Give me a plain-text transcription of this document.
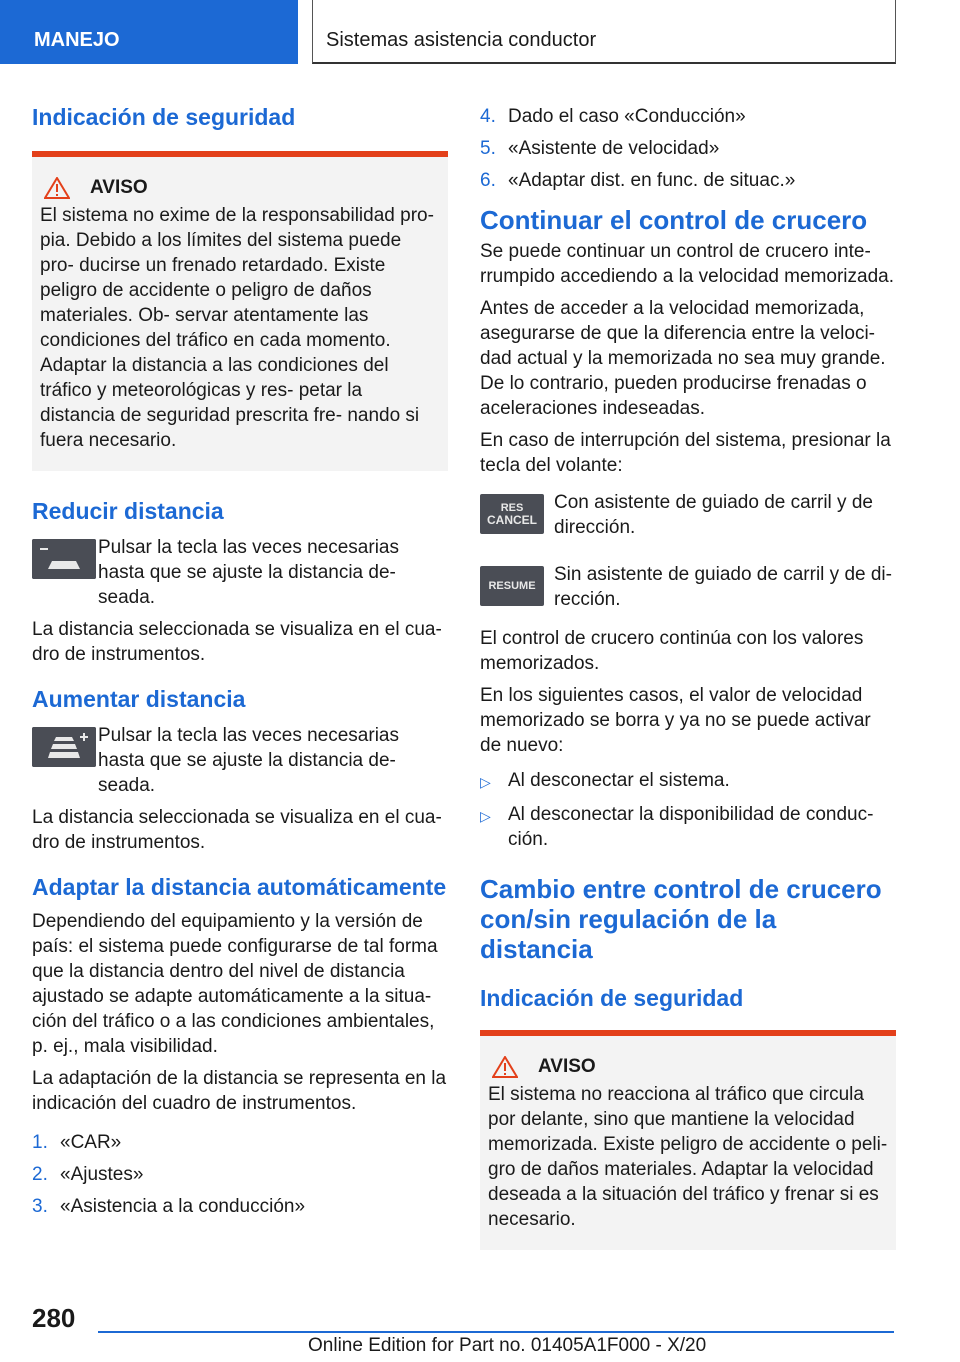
MANEJO	Sistemas asistencia conductor
Indicación de seguridad
AVISO

El sistema no exime de la responsabilidad pro- pia. Debido a los límites del sistema puede pro- ducirse un frenado retardado. Existe peligro de accidente o peligro de daños materiales. Ob- servar atentamente las condiciones del tráfico en cada momento. Adaptar la distancia a las condiciones del tráfico y meteorológicas y res- petar la distancia de seguridad prescrita fre- nando si fuera necesario.

Reducir distancia

Pulsar la tecla las veces necesarias hasta que se ajuste la distancia de- seada.

La distancia seleccionada se visualiza en el cua- dro de instrumentos.

Aumentar distancia

Pulsar la tecla las veces necesarias hasta que se ajuste la distancia de- seada.

La distancia seleccionada se visualiza en el cua- dro de instrumentos.

Adaptar la distancia automáticamente

Dependiendo del equipamiento y la versión de país: el sistema puede configurarse de tal forma que la distancia dentro del nivel de distancia ajustado se adapte automáticamente a la situa- ción del tráfico o a las condiciones ambientales, p. ej., mala visibilidad.

La adaptación de la distancia se representa en la indicación del cuadro de instrumentos.

1. «CAR»
2. «Ajustes»
3. «Asistencia a la conducción»
4. Dado el caso «Conducción»
5. «Asistente de velocidad»
6. «Adaptar dist. en func. de situac.»
Continuar el control de crucero

Se puede continuar un control de crucero inte- rrumpido accediendo a la velocidad memorizada.

Antes de acceder a la velocidad memorizada, asegurarse de que la diferencia entre la veloci- dad actual y la memorizada no sea muy grande. De lo contrario, pueden producirse frenadas o aceleraciones indeseadas.

En caso de interrupción del sistema, presionar la tecla del volante:

RES
CANCEL

Con asistente de guiado de carril y de dirección.

RESUME

Sin asistente de guiado de carril y de di- rección.

El control de crucero continúa con los valores memorizados.

En los siguientes casos, el valor de velocidad memorizado se borra y ya no se puede activar de nuevo:

▷ Al desconectar el sistema.
▷ Al desconectar la disponibilidad de conduc- ción.
Cambio entre control de crucero con/sin regulación de la distancia
Indicación de seguridad
AVISO

El sistema no reacciona al tráfico que circula por delante, sino que mantiene la velocidad memorizada. Existe peligro de accidente o peli- gro de daños materiales. Adaptar la velocidad deseada a la situación del tráfico y frenar si es necesario.

280
Online Edition for Part no. 01405A1F000 - X/20
